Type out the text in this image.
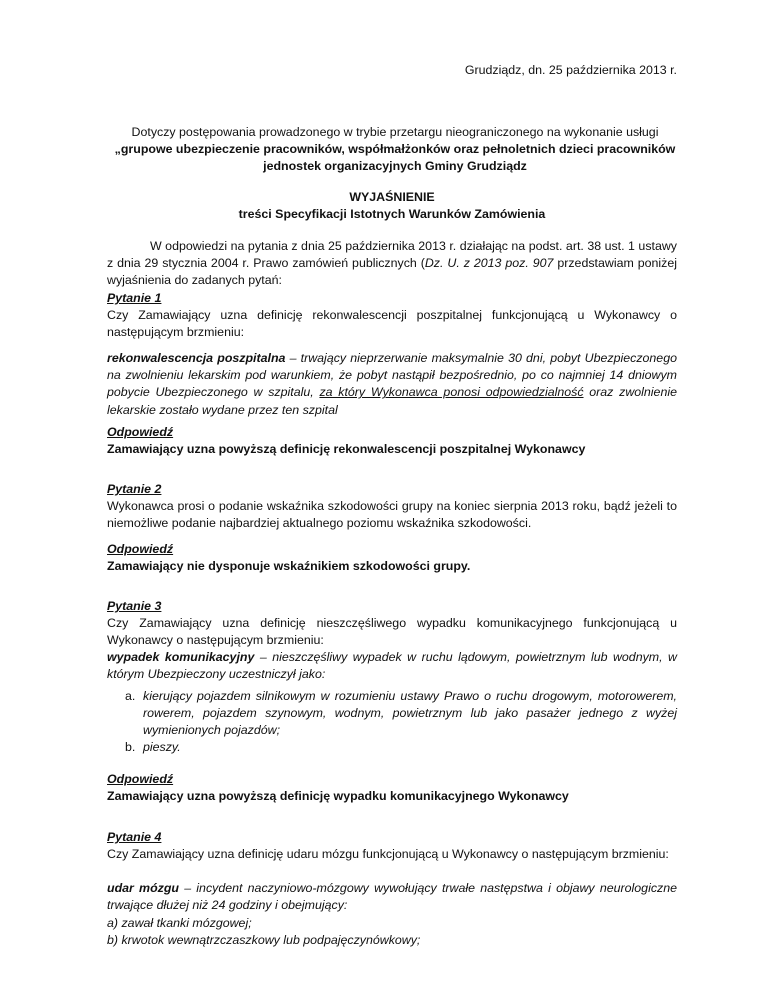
Grudziądz, dn. 25 października 2013 r.
Dotyczy postępowania prowadzonego w trybie przetargu nieograniczonego na wykonanie usługi „grupowe ubezpieczenie pracowników, współmałżonków oraz pełnoletnich dzieci pracowników jednostek organizacyjnych Gminy Grudziądz
WYJAŚNIENIE
treści Specyfikacji Istotnych Warunków Zamówienia
W odpowiedzi na pytania z dnia 25 października 2013 r. działając na podst. art. 38 ust. 1 ustawy z dnia 29 stycznia 2004 r. Prawo zamówień publicznych (Dz. U. z 2013 poz. 907 przedstawiam poniżej wyjaśnienia do zadanych pytań:
Pytanie 1
Czy Zamawiający uzna definicję rekonwalescencji poszpitalnej funkcjonującą u Wykonawcy o następującym brzmieniu:
rekonwalescencja poszpitalna – trwający nieprzerwanie maksymalnie 30 dni, pobyt Ubezpieczonego na zwolnieniu lekarskim pod warunkiem, że pobyt nastąpił bezpośrednio, po co najmniej 14 dniowym pobycie Ubezpieczonego w szpitalu, za który Wykonawca ponosi odpowiedzialność oraz zwolnienie lekarskie zostało wydane przez ten szpital
Odpowiedź
Zamawiający uzna powyższą definicję rekonwalescencji poszpitalnej Wykonawcy
Pytanie 2
Wykonawca prosi o podanie wskaźnika szkodowości grupy na koniec sierpnia 2013 roku, bądź jeżeli to niemożliwe podanie najbardziej aktualnego poziomu wskaźnika szkodowości.
Odpowiedź
Zamawiający nie dysponuje wskaźnikiem szkodowości grupy.
Pytanie 3
Czy Zamawiający uzna definicję nieszczęśliwego wypadku komunikacyjnego funkcjonującą u Wykonawcy o następującym brzmieniu:
wypadek komunikacyjny – nieszczęśliwy wypadek w ruchu lądowym, powietrznym lub wodnym, w którym Ubezpieczony uczestniczył jako:
a. kierujący pojazdem silnikowym w rozumieniu ustawy Prawo o ruchu drogowym, motorowerem, rowerem, pojazdem szynowym, wodnym, powietrznym lub jako pasażer jednego z wyżej wymienionych pojazdów;
b. pieszy.
Odpowiedź
Zamawiający uzna powyższą definicję wypadku komunikacyjnego Wykonawcy
Pytanie 4
Czy Zamawiający uzna definicję udaru mózgu funkcjonującą u Wykonawcy o następującym brzmieniu:
udar mózgu – incydent naczyniowo-mózgowy wywołujący trwałe następstwa i objawy neurologiczne trwające dłużej niż 24 godziny i obejmujący:
a) zawał tkanki mózgowej;
b) krwotok wewnątrzczaszkowy lub podpajęczynówkowy;
